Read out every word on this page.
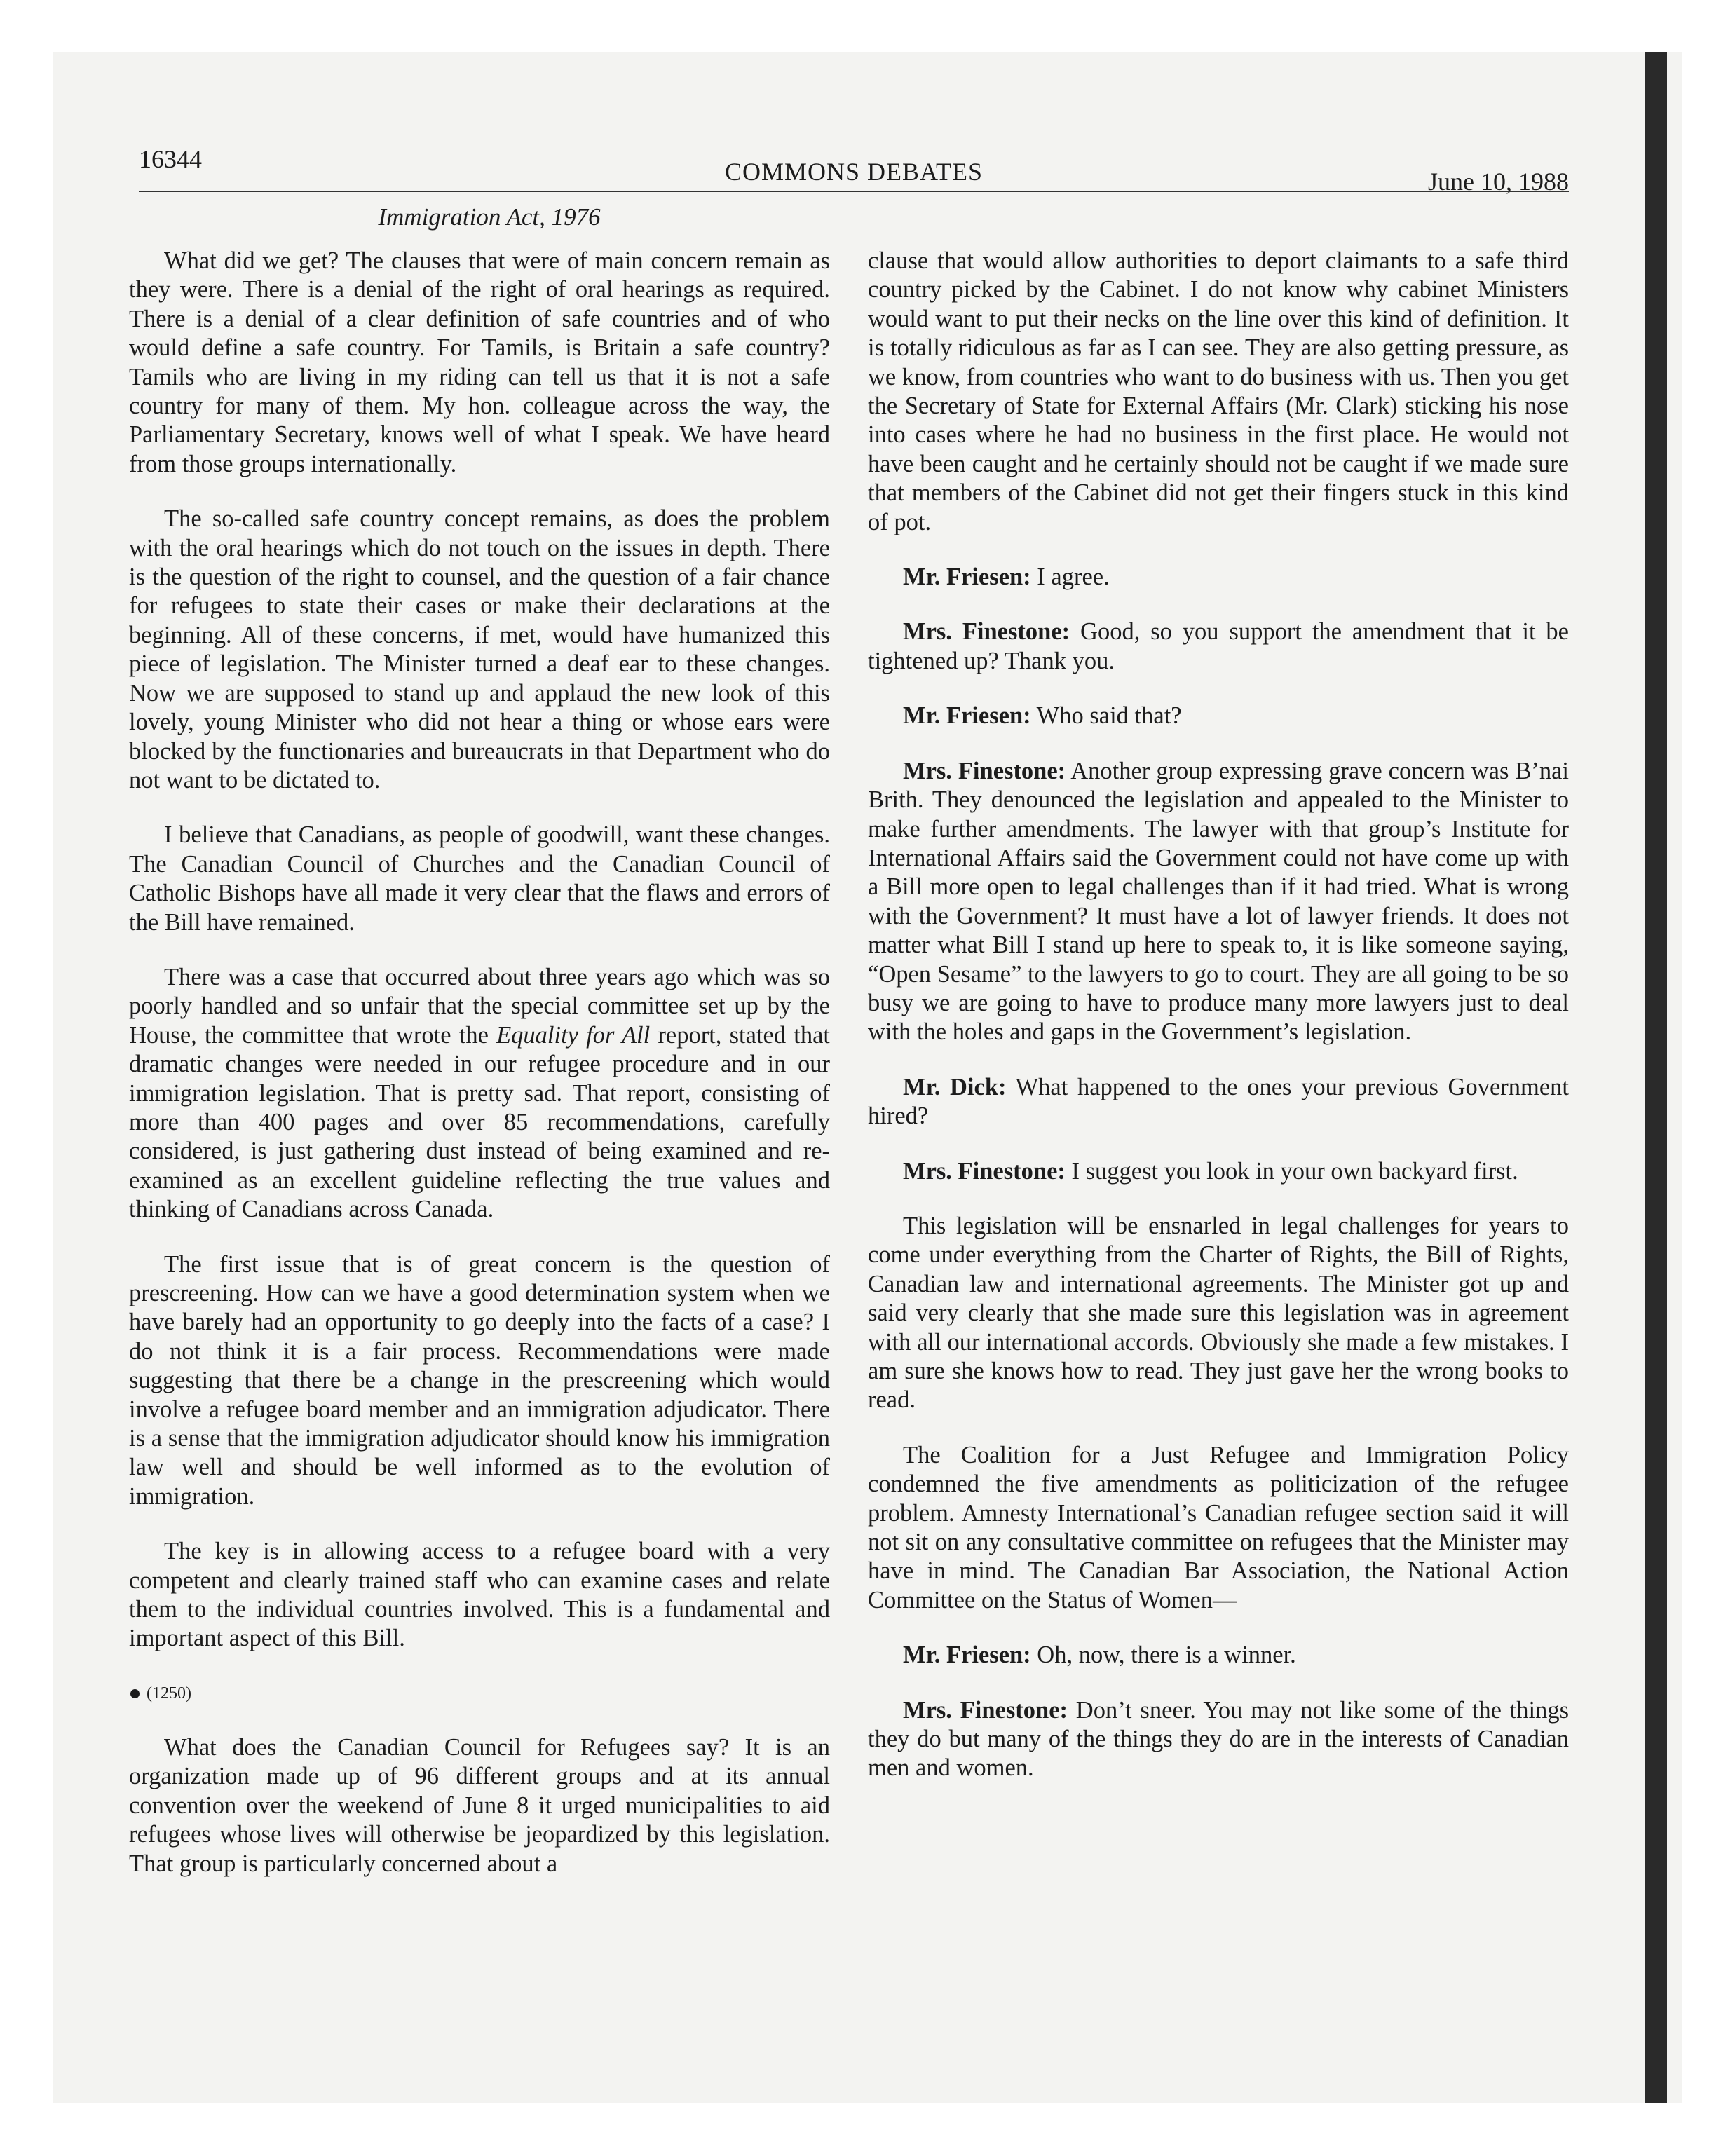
16344	COMMONS DEBATES	June 10, 1988
Immigration Act, 1976

What did we get? The clauses that were of main concern remain as they were. There is a denial of the right of oral hearings as required. There is a denial of a clear definition of safe countries and of who would define a safe country. For Tamils, is Britain a safe country? Tamils who are living in my riding can tell us that it is not a safe country for many of them. My hon. colleague across the way, the Parliamentary Secretary, knows well of what I speak. We have heard from those groups internationally.

The so-called safe country concept remains, as does the problem with the oral hearings which do not touch on the issues in depth. There is the question of the right to counsel, and the question of a fair chance for refugees to state their cases or make their declarations at the beginning. All of these concerns, if met, would have humanized this piece of legislation. The Minister turned a deaf ear to these changes. Now we are supposed to stand up and applaud the new look of this lovely, young Minister who did not hear a thing or whose ears were blocked by the functionaries and bureaucrats in that Department who do not want to be dictated to.

I believe that Canadians, as people of goodwill, want these changes. The Canadian Council of Churches and the Canadian Council of Catholic Bishops have all made it very clear that the flaws and errors of the Bill have remained.

There was a case that occurred about three years ago which was so poorly handled and so unfair that the special committee set up by the House, the committee that wrote the Equality for All report, stated that dramatic changes were needed in our refugee procedure and in our immigration legislation. That is pretty sad. That report, consisting of more than 400 pages and over 85 recommendations, carefully considered, is just gathering dust instead of being examined and re-examined as an excellent guideline reflecting the true values and thinking of Canadians across Canada.

The first issue that is of great concern is the question of prescreening. How can we have a good determination system when we have barely had an opportunity to go deeply into the facts of a case? I do not think it is a fair process. Recommendations were made suggesting that there be a change in the prescreening which would involve a refugee board member and an immigration adjudicator. There is a sense that the immigration adjudicator should know his immigration law well and should be well informed as to the evolution of immigration.

The key is in allowing access to a refugee board with a very competent and clearly trained staff who can examine cases and relate them to the individual countries involved. This is a fundamental and important aspect of this Bill.

(1250)

What does the Canadian Council for Refugees say? It is an organization made up of 96 different groups and at its annual convention over the weekend of June 8 it urged municipalities to aid refugees whose lives will otherwise be jeopardized by this legislation. That group is particularly concerned about a

clause that would allow authorities to deport claimants to a safe third country picked by the Cabinet. I do not know why cabinet Ministers would want to put their necks on the line over this kind of definition. It is totally ridiculous as far as I can see. They are also getting pressure, as we know, from countries who want to do business with us. Then you get the Secretary of State for External Affairs (Mr. Clark) sticking his nose into cases where he had no business in the first place. He would not have been caught and he certainly should not be caught if we made sure that members of the Cabinet did not get their fingers stuck in this kind of pot.

Mr. Friesen: I agree.

Mrs. Finestone: Good, so you support the amendment that it be tightened up? Thank you.

Mr. Friesen: Who said that?

Mrs. Finestone: Another group expressing grave concern was B’nai Brith. They denounced the legislation and appealed to the Minister to make further amendments. The lawyer with that group’s Institute for International Affairs said the Government could not have come up with a Bill more open to legal challenges than if it had tried. What is wrong with the Government? It must have a lot of lawyer friends. It does not matter what Bill I stand up here to speak to, it is like someone saying, “Open Sesame” to the lawyers to go to court. They are all going to be so busy we are going to have to produce many more lawyers just to deal with the holes and gaps in the Government’s legislation.

Mr. Dick: What happened to the ones your previous Government hired?

Mrs. Finestone: I suggest you look in your own backyard first.

This legislation will be ensnarled in legal challenges for years to come under everything from the Charter of Rights, the Bill of Rights, Canadian law and international agreements. The Minister got up and said very clearly that she made sure this legislation was in agreement with all our international accords. Obviously she made a few mistakes. I am sure she knows how to read. They just gave her the wrong books to read.

The Coalition for a Just Refugee and Immigration Policy condemned the five amendments as politicization of the refugee problem. Amnesty International’s Canadian refugee section said it will not sit on any consultative committee on refugees that the Minister may have in mind. The Canadian Bar Association, the National Action Committee on the Status of Women—

Mr. Friesen: Oh, now, there is a winner.

Mrs. Finestone: Don’t sneer. You may not like some of the things they do but many of the things they do are in the interests of Canadian men and women.
